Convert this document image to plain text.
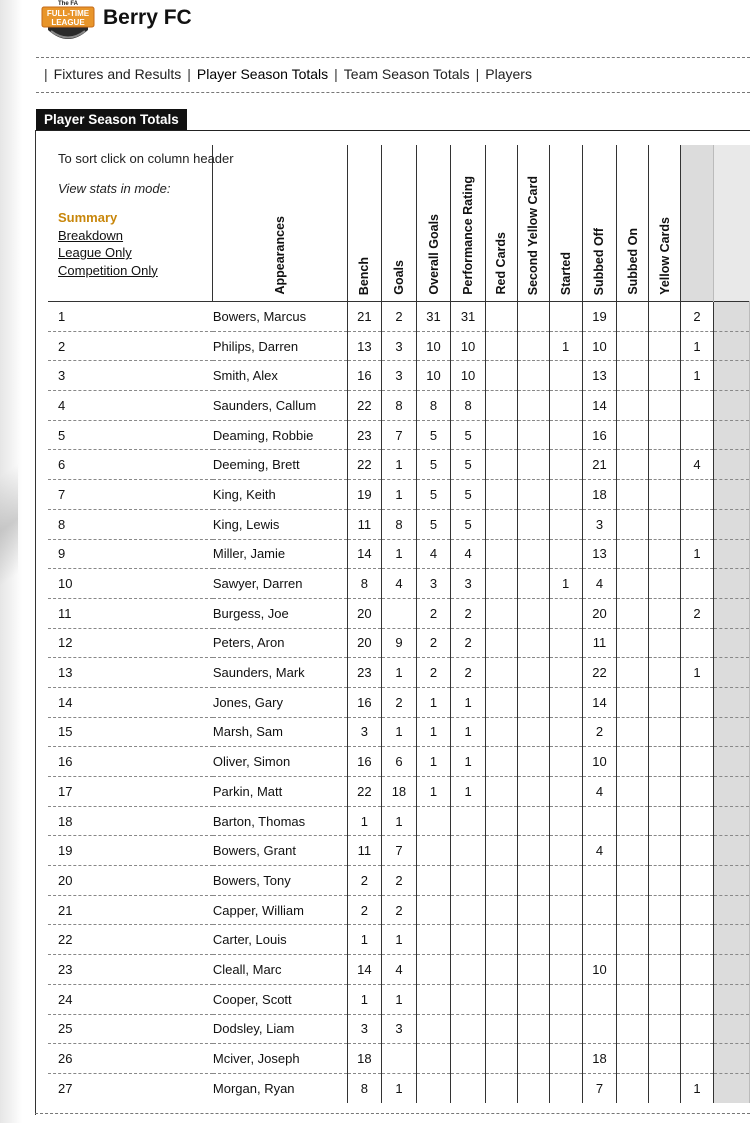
The FA
FULL-TIME
LEAGUE Berry FC
| Fixtures and Results | Player Season Totals | Team Season Totals | Players
Player Season Totals

	Appearances	Bench	Goals	Overall Goals	Performance Rating	Red Cards	Second Yellow Card	Started	Subbed Off	Subbed On	Yellow Cards			

1	Bowers, Marcus	21	2	31	31				19			2		
2	Philips, Darren	13	3	10	10			1	10			1		
3	Smith, Alex	16	3	10	10				13			1		
4	Saunders, Callum	22	8	8	8				14					
5	Deaming, Robbie	23	7	5	5				16					
6	Deeming, Brett	22	1	5	5				21			4		
7	King, Keith	19	1	5	5				18					
8	King, Lewis	11	8	5	5				3					
9	Miller, Jamie	14	1	4	4				13			1		
10	Sawyer, Darren	8	4	3	3			1	4					
11	Burgess, Joe	20		2	2				20			2		
12	Peters, Aron	20	9	2	2				11					
13	Saunders, Mark	23	1	2	2				22			1		
14	Jones, Gary	16	2	1	1				14					
15	Marsh, Sam	3	1	1	1				2					
16	Oliver, Simon	16	6	1	1				10					
17	Parkin, Matt	22	18	1	1				4					
18	Barton, Thomas	1	1											
19	Bowers, Grant	11	7						4					
20	Bowers, Tony	2	2											
21	Capper, William	2	2											
22	Carter, Louis	1	1											
23	Cleall, Marc	14	4						10					
24	Cooper, Scott	1	1											
25	Dodsley, Liam	3	3											
26	Mciver, Joseph	18							18					
27	Morgan, Ryan	8	1						7			1		
To sort click on column header
View stats in mode:
Summary
Breakdown
League Only
Competition Only
